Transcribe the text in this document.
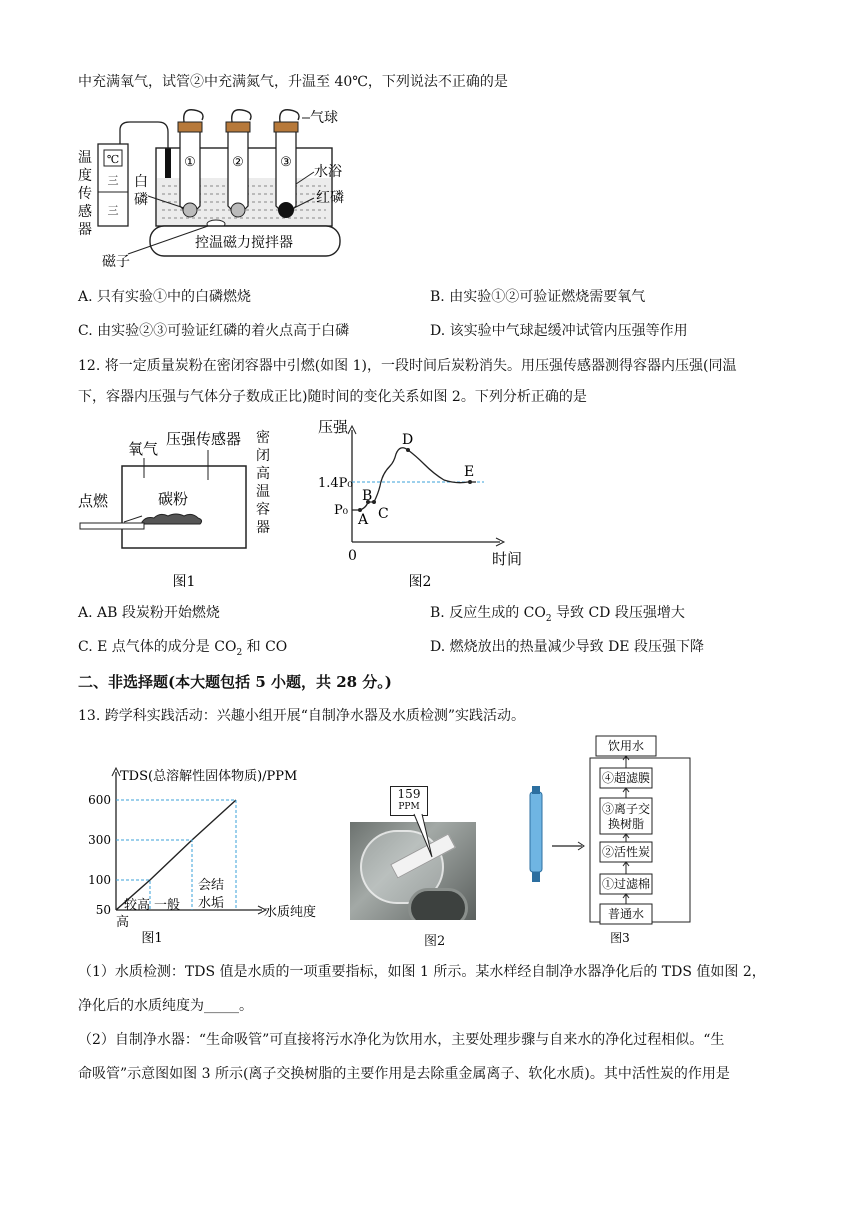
中充满氧气，试管②中充满氮气，升温至 40℃，下列说法不正确的是
℃
三
三
温
度
传
感
器
①	②	③
气球
水浴
红磷
白
磷
控温磁力搅拌器
磁子
A. 只有实验①中的白磷燃烧	B. 由实验①②可验证燃烧需要氧气
C. 由实验②③可验证红磷的着火点高于白磷	D. 该实验中气球起缓冲试管内压强等作用
12. 将一定质量炭粉在密闭容器中引燃(如图 1)，一段时间后炭粉消失。用压强传感器测得容器内压强(同温
下，容器内压强与气体分子数成正比)随时间的变化关系如图 2。下列分析正确的是
氧气
压强传感器 密
闭
高
温
容
器
碳粉
点燃
图1
压强
时间
0
1.4P₀
P₀
A
B
C
D
E
图2
A. AB 段炭粉开始燃烧	B. 反应生成的 $CO_2$ 导致 CD 段压强增大
C. E 点气体的成分是 $CO_2$ 和 CO	D. 燃烧放出的热量减少导致 DE 段压强下降
二、非选择题(本大题包括 5 小题，共 28 分。)
13. 跨学科实践活动：兴趣小组开展“自制净水器及水质检测”实践活动。
TDS(总溶解性固体物质)/PPM
水质纯度
50
100
300
600
较高 一般
会结
水垢
高
图1
159
PPM
图2
饮用水
④超滤膜
③离子交
换树脂
②活性炭
①过滤棉
普通水
图3
（1）水质检测：TDS 值是水质的一项重要指标，如图 1 所示。某水样经自制净水器净化后的 TDS 值如图 2，
净化后的水质纯度为_____。
（2）自制净水器：“生命吸管”可直接将污水净化为饮用水，主要处理步骤与自来水的净化过程相似。“生
命吸管”示意图如图 3 所示(离子交换树脂的主要作用是去除重金属离子、软化水质)。其中活性炭的作用是
